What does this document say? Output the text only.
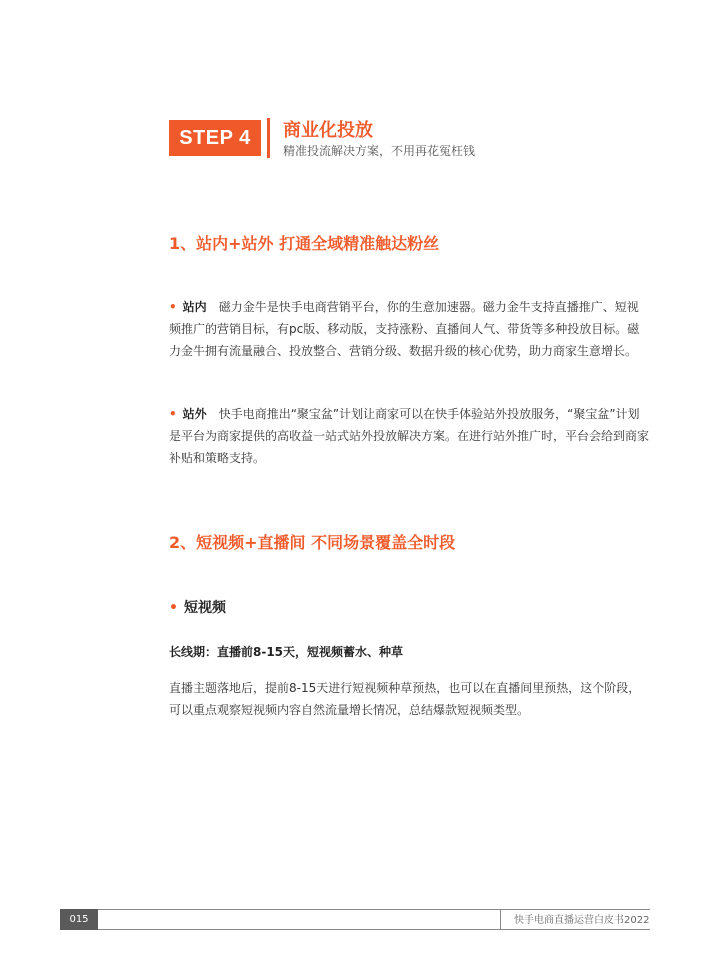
STEP 4	商业化投放
精准投流解决方案，不用再花冤枉钱
1、站内+站外 打通全域精准触达粉丝
• 站内 磁力金牛是快手电商营销平台，你的生意加速器。磁力金牛支持直播推广、短视频推广的营销目标，有pc版、移动版，支持涨粉、直播间人气、带货等多种投放目标。磁力金牛拥有流量融合、投放整合、营销分级、数据升级的核心优势，助力商家生意增长。
• 站外 快手电商推出“聚宝盆”计划让商家可以在快手体验站外投放服务，“聚宝盆”计划是平台为商家提供的高收益一站式站外投放解决方案。在进行站外推广时，平台会给到商家补贴和策略支持。
2、短视频+直播间 不同场景覆盖全时段
• 短视频
长线期：直播前8-15天，短视频蓄水、种草
直播主题落地后，提前8-15天进行短视频种草预热，也可以在直播间里预热，这个阶段，可以重点观察短视频内容自然流量增长情况，总结爆款短视频类型。
015	快手电商直播运营白皮书2022
